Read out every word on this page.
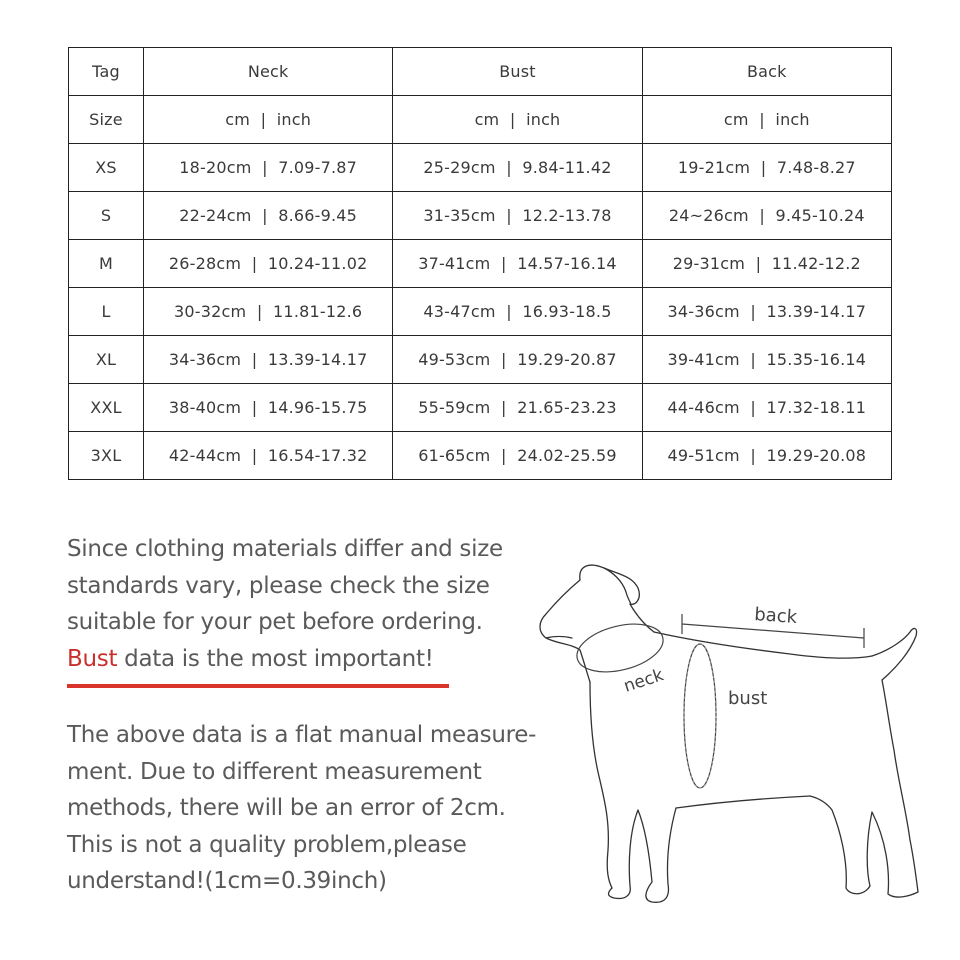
Tag	Neck	Bust	Back
Size	cm  |  inch	cm  |  inch	cm  |  inch
XS	18-20cm  |  7.09-7.87	25-29cm  |  9.84-11.42	19-21cm  |  7.48-8.27
S	22-24cm  |  8.66-9.45	31-35cm  |  12.2-13.78	24~26cm  |  9.45-10.24
M	26-28cm  |  10.24-11.02	37-41cm  |  14.57-16.14	29-31cm  |  11.42-12.2
L	30-32cm  |  11.81-12.6	43-47cm  |  16.93-18.5	34-36cm  |  13.39-14.17
XL	34-36cm  |  13.39-14.17	49-53cm  |  19.29-20.87	39-41cm  |  15.35-16.14
XXL	38-40cm  |  14.96-15.75	55-59cm  |  21.65-23.23	44-46cm  |  17.32-18.11
3XL	42-44cm  |  16.54-17.32	61-65cm  |  24.02-25.59	49-51cm  |  19.29-20.08

Since clothing materials differ and size

standards vary, please check the size

suitable for your pet before ordering.

Bust data is the most important!

The above data is a flat manual measure-

ment. Due to different measurement

methods, there will be an error of 2cm.

This is not a quality problem,please

understand!(1cm=0.39inch)

back
neck
bust
